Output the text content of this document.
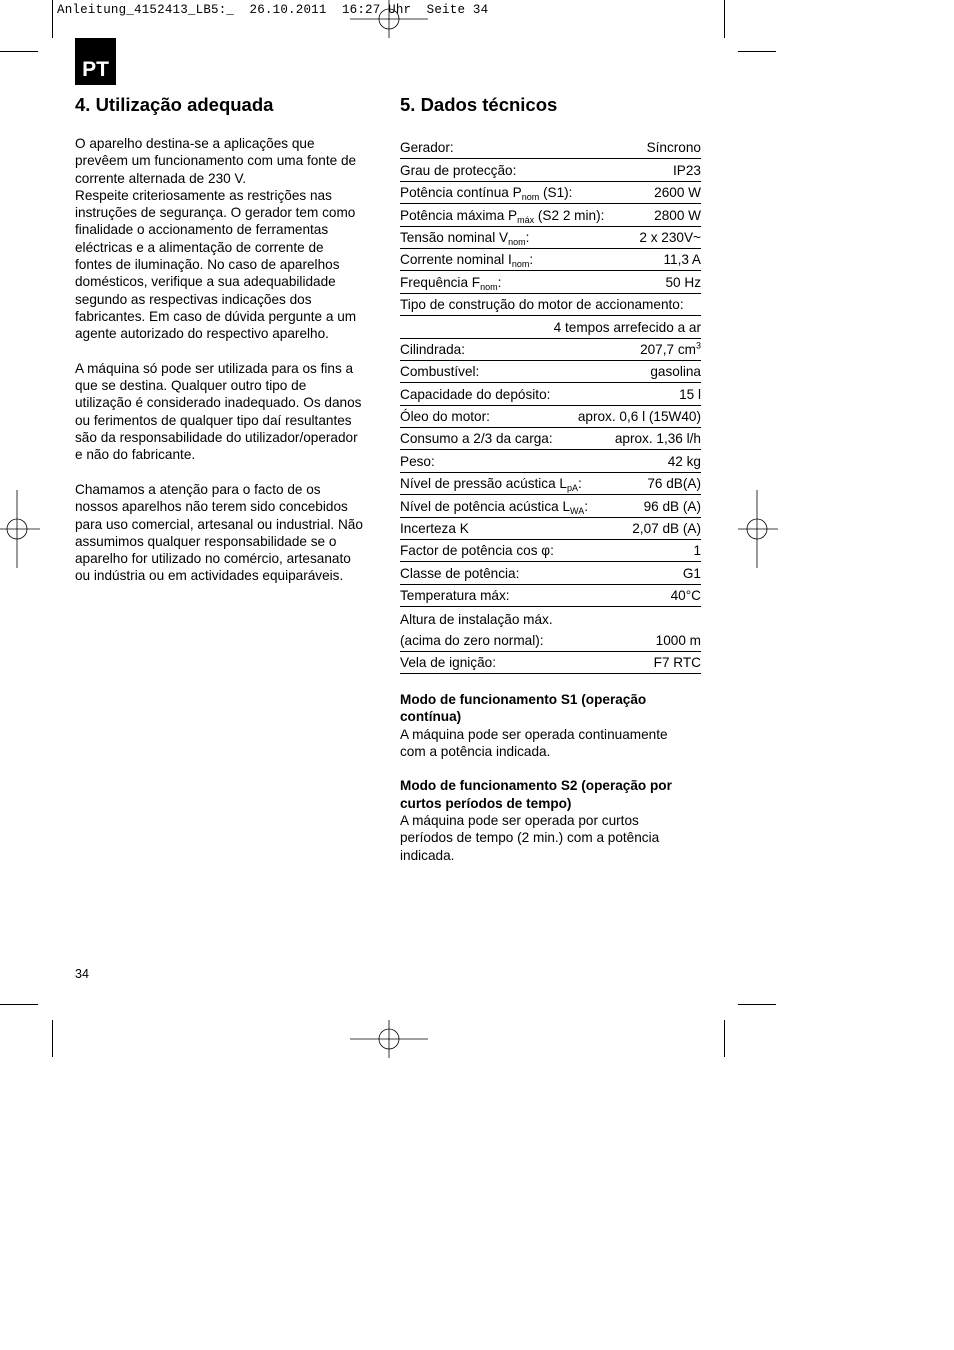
Anleitung_4152413_LB5:_  26.10.2011  16:27 Uhr  Seite 34
PT
4. Utilização adequada

O aparelho destina-se a aplicações que
prevêem um funcionamento com uma fonte de
corrente alternada de 230 V.
Respeite criteriosamente as restrições nas
instruções de segurança. O gerador tem como
finalidade o accionamento de ferramentas
eléctricas e a alimentação de corrente de
fontes de iluminação. No caso de aparelhos
domésticos, verifique a sua adequabilidade
segundo as respectivas indicações dos
fabricantes. Em caso de dúvida pergunte a um
agente autorizado do respectivo aparelho.

A máquina só pode ser utilizada para os fins a
que se destina. Qualquer outro tipo de
utilização é considerado inadequado. Os danos
ou ferimentos de qualquer tipo daí resultantes
são da responsabilidade do utilizador/operador
e não do fabricante.

Chamamos a atenção para o facto de os
nossos aparelhos não terem sido concebidos
para uso comercial, artesanal ou industrial. Não
assumimos qualquer responsabilidade se o
aparelho for utilizado no comércio, artesanato
ou indústria ou em actividades equiparáveis.

5. Dados técnicos
Gerador:	Síncrono
Grau de protecção:	IP23
Potência contínua $P_{nom}$ (S1):	2600 W
Potência máxima $P_{máx}$ (S2 2 min):	2800 W
Tensão nominal $V_{nom}$:	2 x 230V~
Corrente nominal $I_{nom}$:	11,3 A
Frequência $F_{nom}$:	50 Hz
Tipo de construção do motor de accionamento:
4 tempos arrefecido a ar
Cilindrada:	207,7 $cm^3$
Combustível:	gasolina
Capacidade do depósito:	15 l
Óleo do motor:	aprox. 0,6 l (15W40)
Consumo a 2/3 da carga:	aprox. 1,36 l/h
Peso:	42 kg
Nível de pressão acústica $L_{pA}$:	76 dB(A)
Nível de potência acústica $L_{WA}$:	96 dB (A)
Incerteza K	2,07 dB (A)
Factor de potência cos φ:	1
Classe de potência:	G1
Temperatura máx:	40°C
Altura de instalação máx.
(acima do zero normal):	1000 m
Vela de ignição:	F7 RTC

Modo de funcionamento S1 (operação
contínua)

A máquina pode ser operada continuamente
com a potência indicada.

Modo de funcionamento S2 (operação por
curtos períodos de tempo)

A máquina pode ser operada por curtos
períodos de tempo (2 min.) com a potência
indicada.

34
